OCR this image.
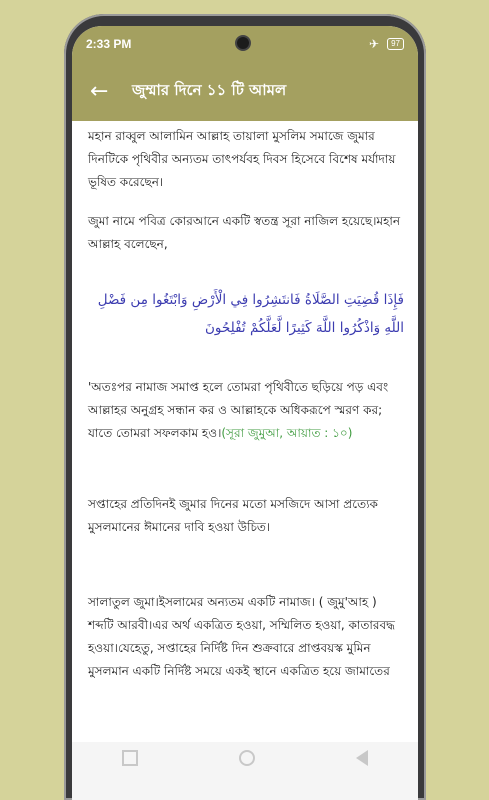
2:33 PM	✈	97
←	জুম্মার দিনে ১১ টি আমল

মহান রাব্বুল আলামিন আল্লাহ তায়ালা মুসলিম সমাজে জুমার দিনটিকে পৃথিবীর অন্যতম তাৎপর্যবহ দিবস হিসেবে বিশেষ মর্যাদায় ভূষিত করেছেন।

জুমা নামে পবিত্র কোরআনে একটি স্বতন্ত্র সূরা নাজিল হয়েছে।মহান আল্লাহ বলেছেন,

فَإِذَا قُضِيَتِ الصَّلَاةُ فَانتَشِرُوا فِي الْأَرْضِ وَابْتَغُوا مِن فَضْلِ اللَّهِ وَاذْكُرُوا اللَّهَ كَثِيرًا لَّعَلَّكُمْ تُفْلِحُونَ

'অতঃপর নামাজ সমাপ্ত হলে তোমরা পৃথিবীতে ছড়িয়ে পড় এবং আল্লাহর অনুগ্রহ সন্ধান কর ও আল্লাহকে অধিকরূপে স্মরণ কর; যাতে তোমরা সফলকাম হও।(সূরা জুমুআ, আয়াত : ১০)

সপ্তাহের প্রতিদিনই জুমার দিনের মতো মসজিদে আসা প্রত্যেক মুসলমানের ঈমানের দাবি হওয়া উচিত।

সালাতুল জুমা।ইসলামের অন্যতম একটি নামাজ। ( জুমু'আহ ) শব্দটি আরবী।এর অর্থ একত্রিত হওয়া, সম্মিলিত হওয়া, কাতারবদ্ধ হওয়া।যেহেতু, সপ্তাহের নির্দিষ্ট দিন শুক্রবারে প্রাপ্তবয়স্ক মুমিন মুসলমান একটি নির্দিষ্ট সময়ে একই স্থানে একত্রিত হয়ে জামাতের
